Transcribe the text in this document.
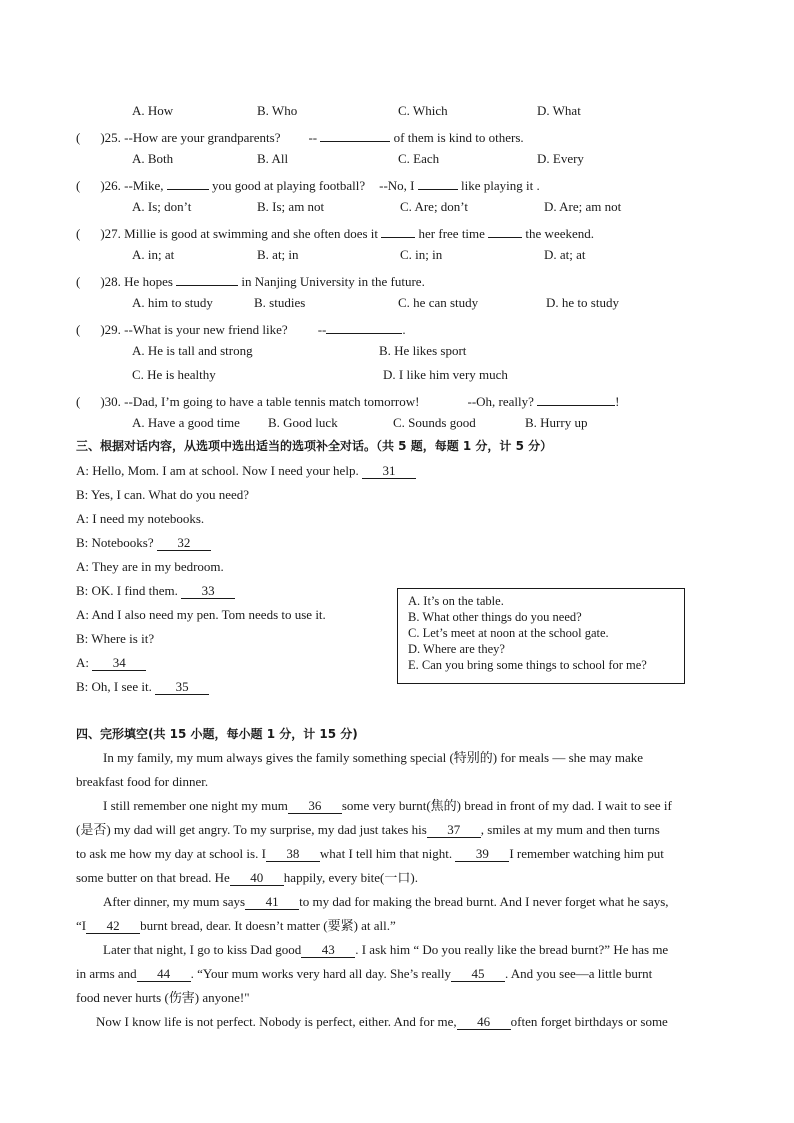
A. How	B. Who	C. Which	D. What
( )25. --How are your grandparents? --	of them is kind to others.
A. Both	B. All	C. Each	D. Every
( )26. --Mike,	you good at playing football? --No, I	like playing it .
A. Is; don’t	B. Is; am not	C. Are; don’t	D. Are; am not
( )27. Millie is good at swimming and she often does it	her free time	the weekend.
A. in; at	B. at; in	C. in; in	D. at; at
( )28. He hopes	in Nanjing University in the future.
A. him to study	B. studies	C. he can study	D. he to study
( )29. --What is your new friend like? --	.
A. He is tall and strong	B. He likes sport
C. He is healthy	D. I like him very much
( )30. --Dad, I’m going to have a table tennis match tomorrow!	--Oh, really?	!
A. Have a good time B. Good luck	C. Sounds good	B. Hurry up
三、根据对话内容，从选项中选出适当的选项补全对话。（共 5 题，每题 1 分，计 5 分）
A: Hello, Mom. I am at school. Now I need your help. 31
B: Yes, I can. What do you need?
A: I need my notebooks.
B: Notebooks? 32
A: They are in my bedroom.
B: OK. I find them. 33
A: And I also need my pen. Tom needs to use it.
B: Where is it?
A: 34
B: Oh, I see it. 35
A. It’s on the table.
B. What other things do you need?
C. Let’s meet at noon at the school gate.
D. Where are they?
E. Can you bring some things to school for me?
四、完形填空(共 15 小题，每小题 1 分，计 15 分)
In my family, my mum always gives the family something special (特别的) for meals — she may make
breakfast food for dinner.
I still remember one night my mum 36 some very burnt(焦的) bread in front of my dad. I wait to see if
(是否) my dad will get angry. To my surprise, my dad just takes his 37 , smiles at my mum and then turns
to ask me how my day at school is. I 38 what I tell him that night. 39 I remember watching him put
some butter on that bread. He 40 happily, every bite(一口).
After dinner, my mum says 41 to my dad for making the bread burnt. And I never forget what he says,
“I 42 burnt bread, dear. It doesn’t matter (要紧) at all.”
Later that night, I go to kiss Dad good 43 . I ask him “ Do you really like the bread burnt?” He has me
in arms and 44 . “Your mum works very hard all day. She’s really 45 . And you see—a little burnt
food never hurts (伤害) anyone!"
Now I know life is not perfect. Nobody is perfect, either. And for me, 46 often forget birthdays or some
